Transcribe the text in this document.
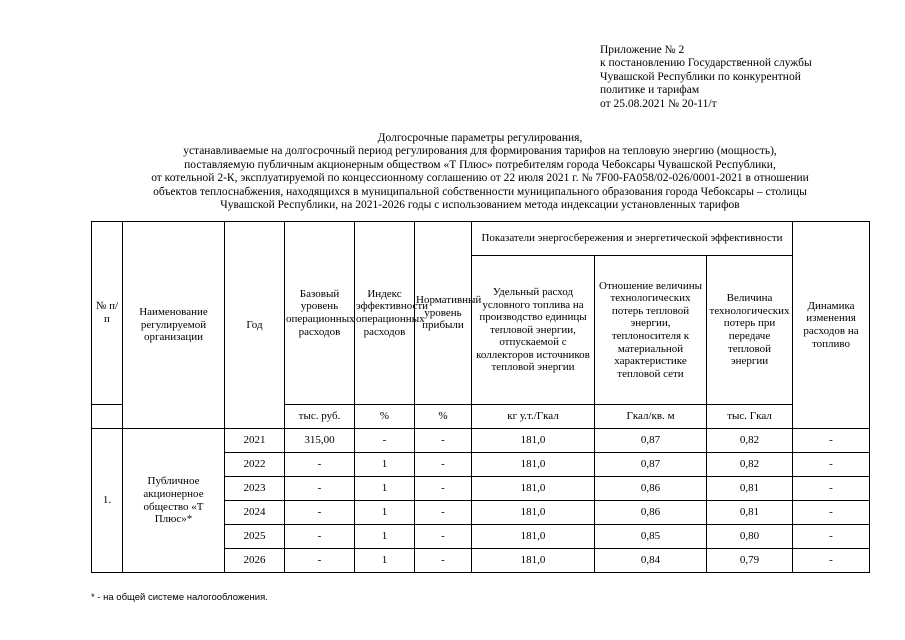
Приложение № 2
к постановлению Государственной службы
Чувашской Республики по конкурентной
политике и тарифам
от 25.08.2021 № 20-11/т
Долгосрочные параметры регулирования,
устанавливаемые на долгосрочный период регулирования для формирования тарифов на тепловую энергию (мощность),
поставляемую публичным акционерным обществом «Т Плюс» потребителям города Чебоксары Чувашской Республики,
от котельной 2-К, эксплуатируемой по концессионному соглашению от 22 июля 2021 г. № 7F00-FA058/02-026/0001-2021 в отношении
объектов теплоснабжения, находящихся в муниципальной собственности муниципального образования города Чебоксары – столицы
Чувашской Республики, на 2021-2026 годы с использованием метода индексации установленных тарифов
№ п/п	Наименование регулируемой организации	Год	Базовый уровень операционных расходов	Индекс эффективности операционных расходов	Нормативный уровень прибыли	Показатели энергосбережения и энергетической эффективности			Динамика изменения расходов на топливо
						Удельный расход условного топлива на производство единицы тепловой энергии, отпускаемой с коллекторов источников тепловой энергии	Отношение величины технологических потерь тепловой энергии, теплоносителя к материальной характеристике тепловой сети	Величина технологических потерь при передаче тепловой энергии	
			тыс. руб.	%	%	кг у.т./Гкал	Гкал/кв. м	тыс. Гкал	
1.	Публичное акционерное общество «Т Плюс»*	2021	315,00	-	-	181,0	0,87	0,82	-
		2022	-	1	-	181,0	0,87	0,82	-
		2023	-	1	-	181,0	0,86	0,81	-
		2024	-	1	-	181,0	0,86	0,81	-
		2025	-	1	-	181,0	0,85	0,80	-
		2026	-	1	-	181,0	0,84	0,79	-
* - на общей системе налогообложения.
